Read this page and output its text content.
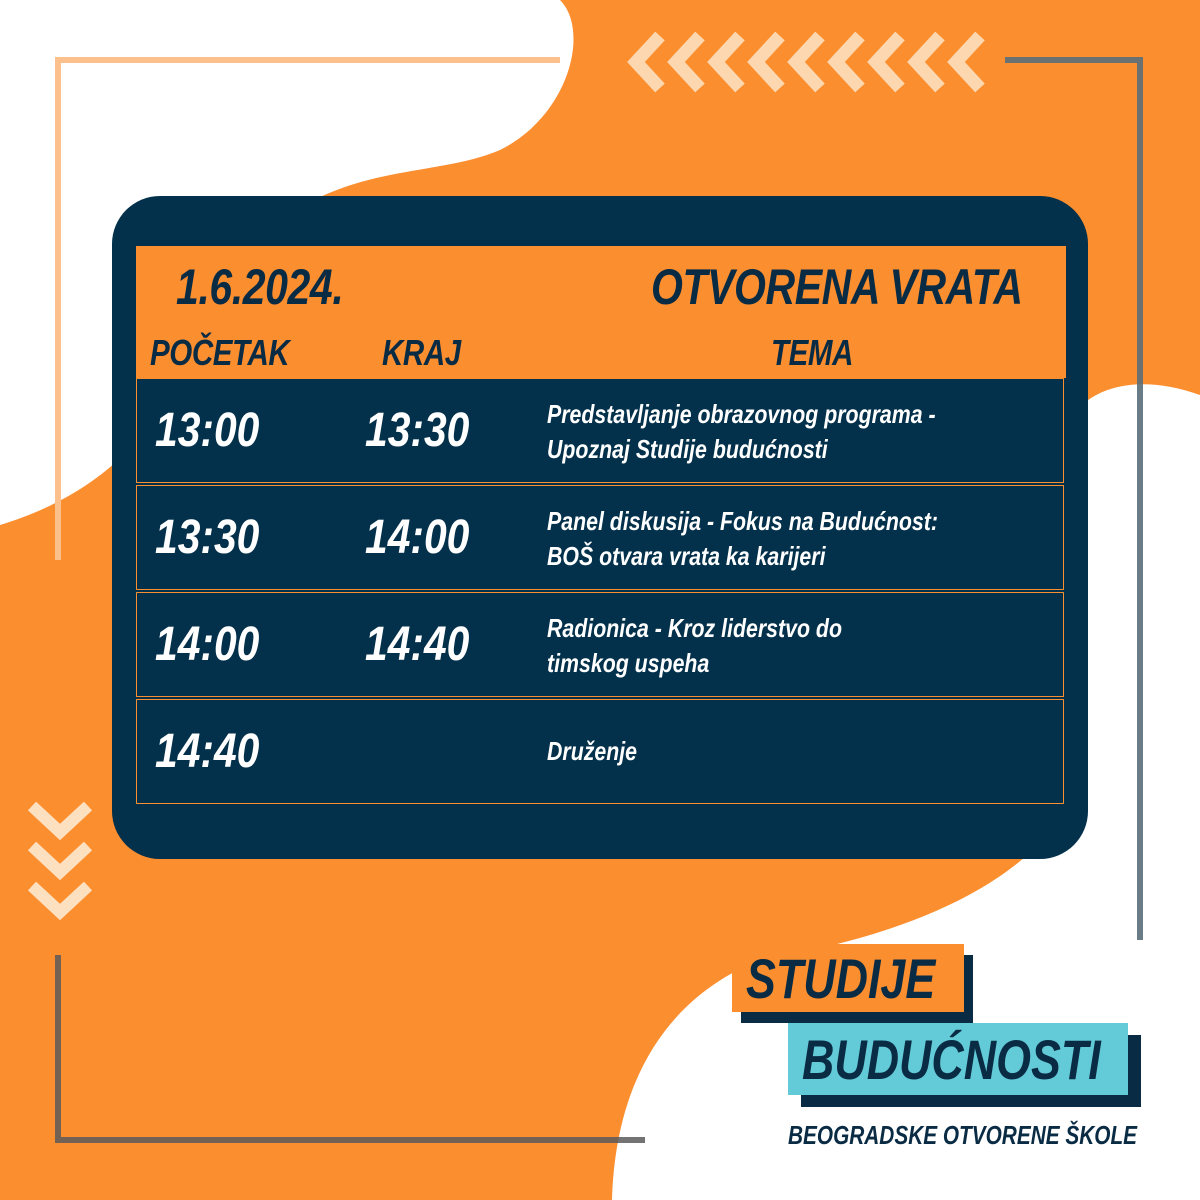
1.6.2024.	OTVORENA VRATA
POČETAK	KRAJ	TEMA
13:00 13:30	Predstavljanje obrazovnog programa -
Upoznaj Studije budućnosti
13:30 14:00	Panel diskusija - Fokus na Budućnost:
BOŠ otvara vrata ka karijeri
14:00 14:40	Radionica - Kroz liderstvo do
timskog uspeha
14:40	Druženje
STUDIJE
BUDUĆNOSTI
BEOGRADSKE OTVORENE ŠKOLE
